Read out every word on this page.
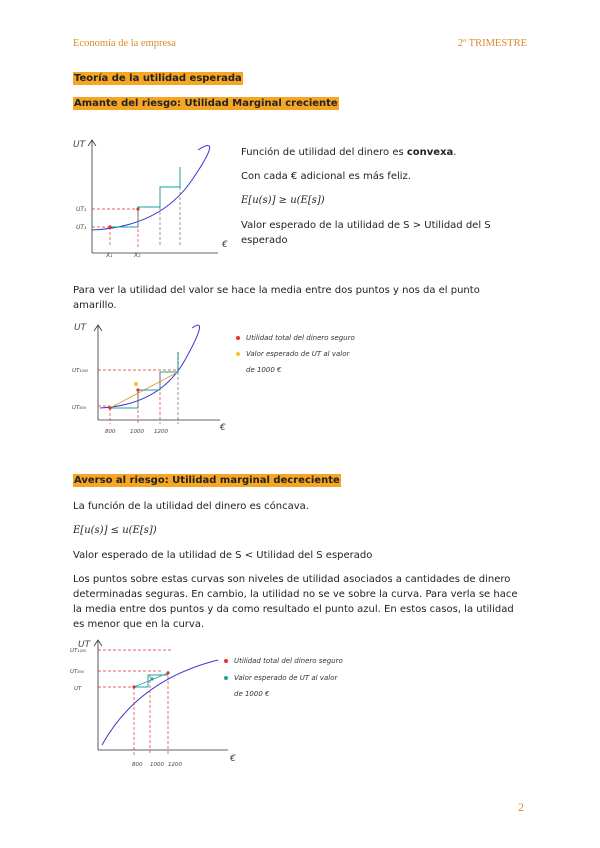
Economía de la empresa	2º TRIMESTRE
Teoría de la utilidad esperada
Amante del riesgo: Utilidad Marginal creciente
UT
€
UT₂
UT₁
X₁	X₂
Función de utilidad del dinero es convexa.
Con cada € adicional es más feliz.
E[u(s)] ≥ u(E[s])
Valor esperado de la utilidad de S > Utilidad del S esperado
Para ver la utilidad del valor se hace la media entre dos puntos y nos da el punto amarillo.
UT
€
UT₁₀₀₀
UT₈₀₀
800	1000 1200
Utilidad total del dinero seguro
Valor esperado de UT al valor
de 1000 €
Averso al riesgo: Utilidad marginal decreciente
La función de la utilidad del dinero es cóncava.
E[u(s)] ≤ u(E[s])
Valor esperado de la utilidad de S < Utilidad del S esperado
Los puntos sobre estas curvas son niveles de utilidad asociados a cantidades de dinero determinadas seguras. En cambio, la utilidad no se ve sobre la curva. Para verla se hace la media entre dos puntos y da como resultado el punto azul. En estos casos, la utilidad es menor que en la curva.
UT
€
UT₁₂₀₀
UT₈₀₀
UT
800 1000 1200
Utilidad total del dinero seguro
Valor esperado de UT al valor
de 1000 €
2
